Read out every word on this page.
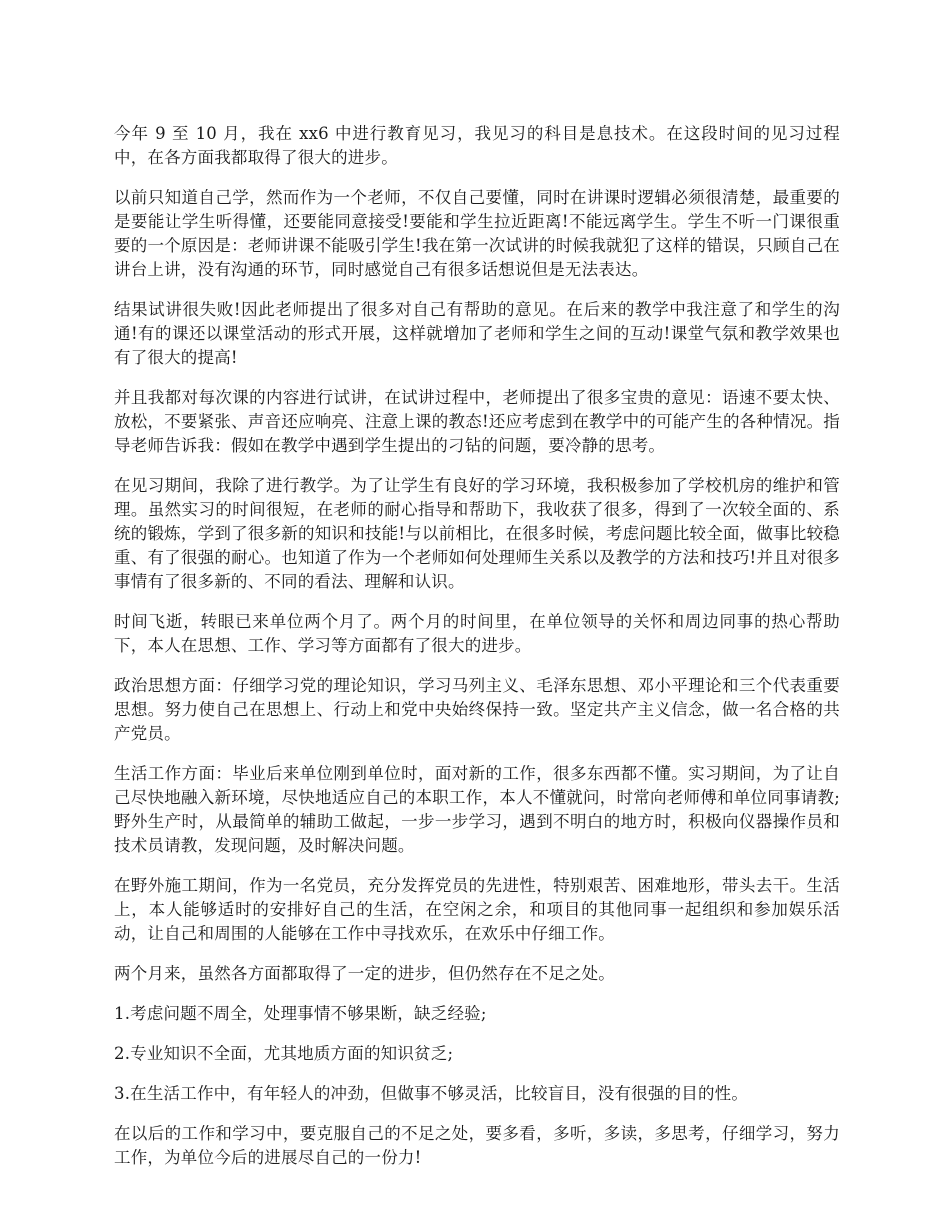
今年 9 至 10 月，我在 xx6 中进行教育见习，我见习的科目是息技术。在这段时间的见习过程中，在各方面我都取得了很大的进步。

以前只知道自己学，然而作为一个老师，不仅自己要懂，同时在讲课时逻辑必须很清楚，最重要的是要能让学生听得懂，还要能同意接受!要能和学生拉近距离!不能远离学生。学生不听一门课很重要的一个原因是：老师讲课不能吸引学生!我在第一次试讲的时候我就犯了这样的错误，只顾自己在讲台上讲，没有沟通的环节，同时感觉自己有很多话想说但是无法表达。

结果试讲很失败!因此老师提出了很多对自己有帮助的意见。在后来的教学中我注意了和学生的沟通!有的课还以课堂活动的形式开展，这样就增加了老师和学生之间的互动!课堂气氛和教学效果也有了很大的提高!

并且我都对每次课的内容进行试讲，在试讲过程中，老师提出了很多宝贵的意见：语速不要太快、放松，不要紧张、声音还应响亮、注意上课的教态!还应考虑到在教学中的可能产生的各种情况。指导老师告诉我：假如在教学中遇到学生提出的刁钻的问题，要冷静的思考。

在见习期间，我除了进行教学。为了让学生有良好的学习环境，我积极参加了学校机房的维护和管理。虽然实习的时间很短，在老师的耐心指导和帮助下，我收获了很多，得到了一次较全面的、系统的锻炼，学到了很多新的知识和技能!与以前相比，在很多时候，考虑问题比较全面，做事比较稳重、有了很强的耐心。也知道了作为一个老师如何处理师生关系以及教学的方法和技巧!并且对很多事情有了很多新的、不同的看法、理解和认识。

时间飞逝，转眼已来单位两个月了。两个月的时间里，在单位领导的关怀和周边同事的热心帮助下，本人在思想、工作、学习等方面都有了很大的进步。

政治思想方面：仔细学习党的理论知识，学习马列主义、毛泽东思想、邓小平理论和三个代表重要思想。努力使自己在思想上、行动上和党中央始终保持一致。坚定共产主义信念，做一名合格的共产党员。

生活工作方面：毕业后来单位刚到单位时，面对新的工作，很多东西都不懂。实习期间，为了让自己尽快地融入新环境，尽快地适应自己的本职工作，本人不懂就问，时常向老师傅和单位同事请教;野外生产时，从最简单的辅助工做起，一步一步学习，遇到不明白的地方时，积极向仪器操作员和技术员请教，发现问题，及时解决问题。

在野外施工期间，作为一名党员，充分发挥党员的先进性，特别艰苦、困难地形，带头去干。生活上，本人能够适时的安排好自己的生活，在空闲之余，和项目的其他同事一起组织和参加娱乐活动，让自己和周围的人能够在工作中寻找欢乐，在欢乐中仔细工作。

两个月来，虽然各方面都取得了一定的进步，但仍然存在不足之处。

1.考虑问题不周全，处理事情不够果断，缺乏经验;

2.专业知识不全面，尤其地质方面的知识贫乏;

3.在生活工作中，有年轻人的冲劲，但做事不够灵活，比较盲目，没有很强的目的性。

在以后的工作和学习中，要克服自己的不足之处，要多看，多听，多读，多思考，仔细学习，努力工作，为单位今后的进展尽自己的一份力!
